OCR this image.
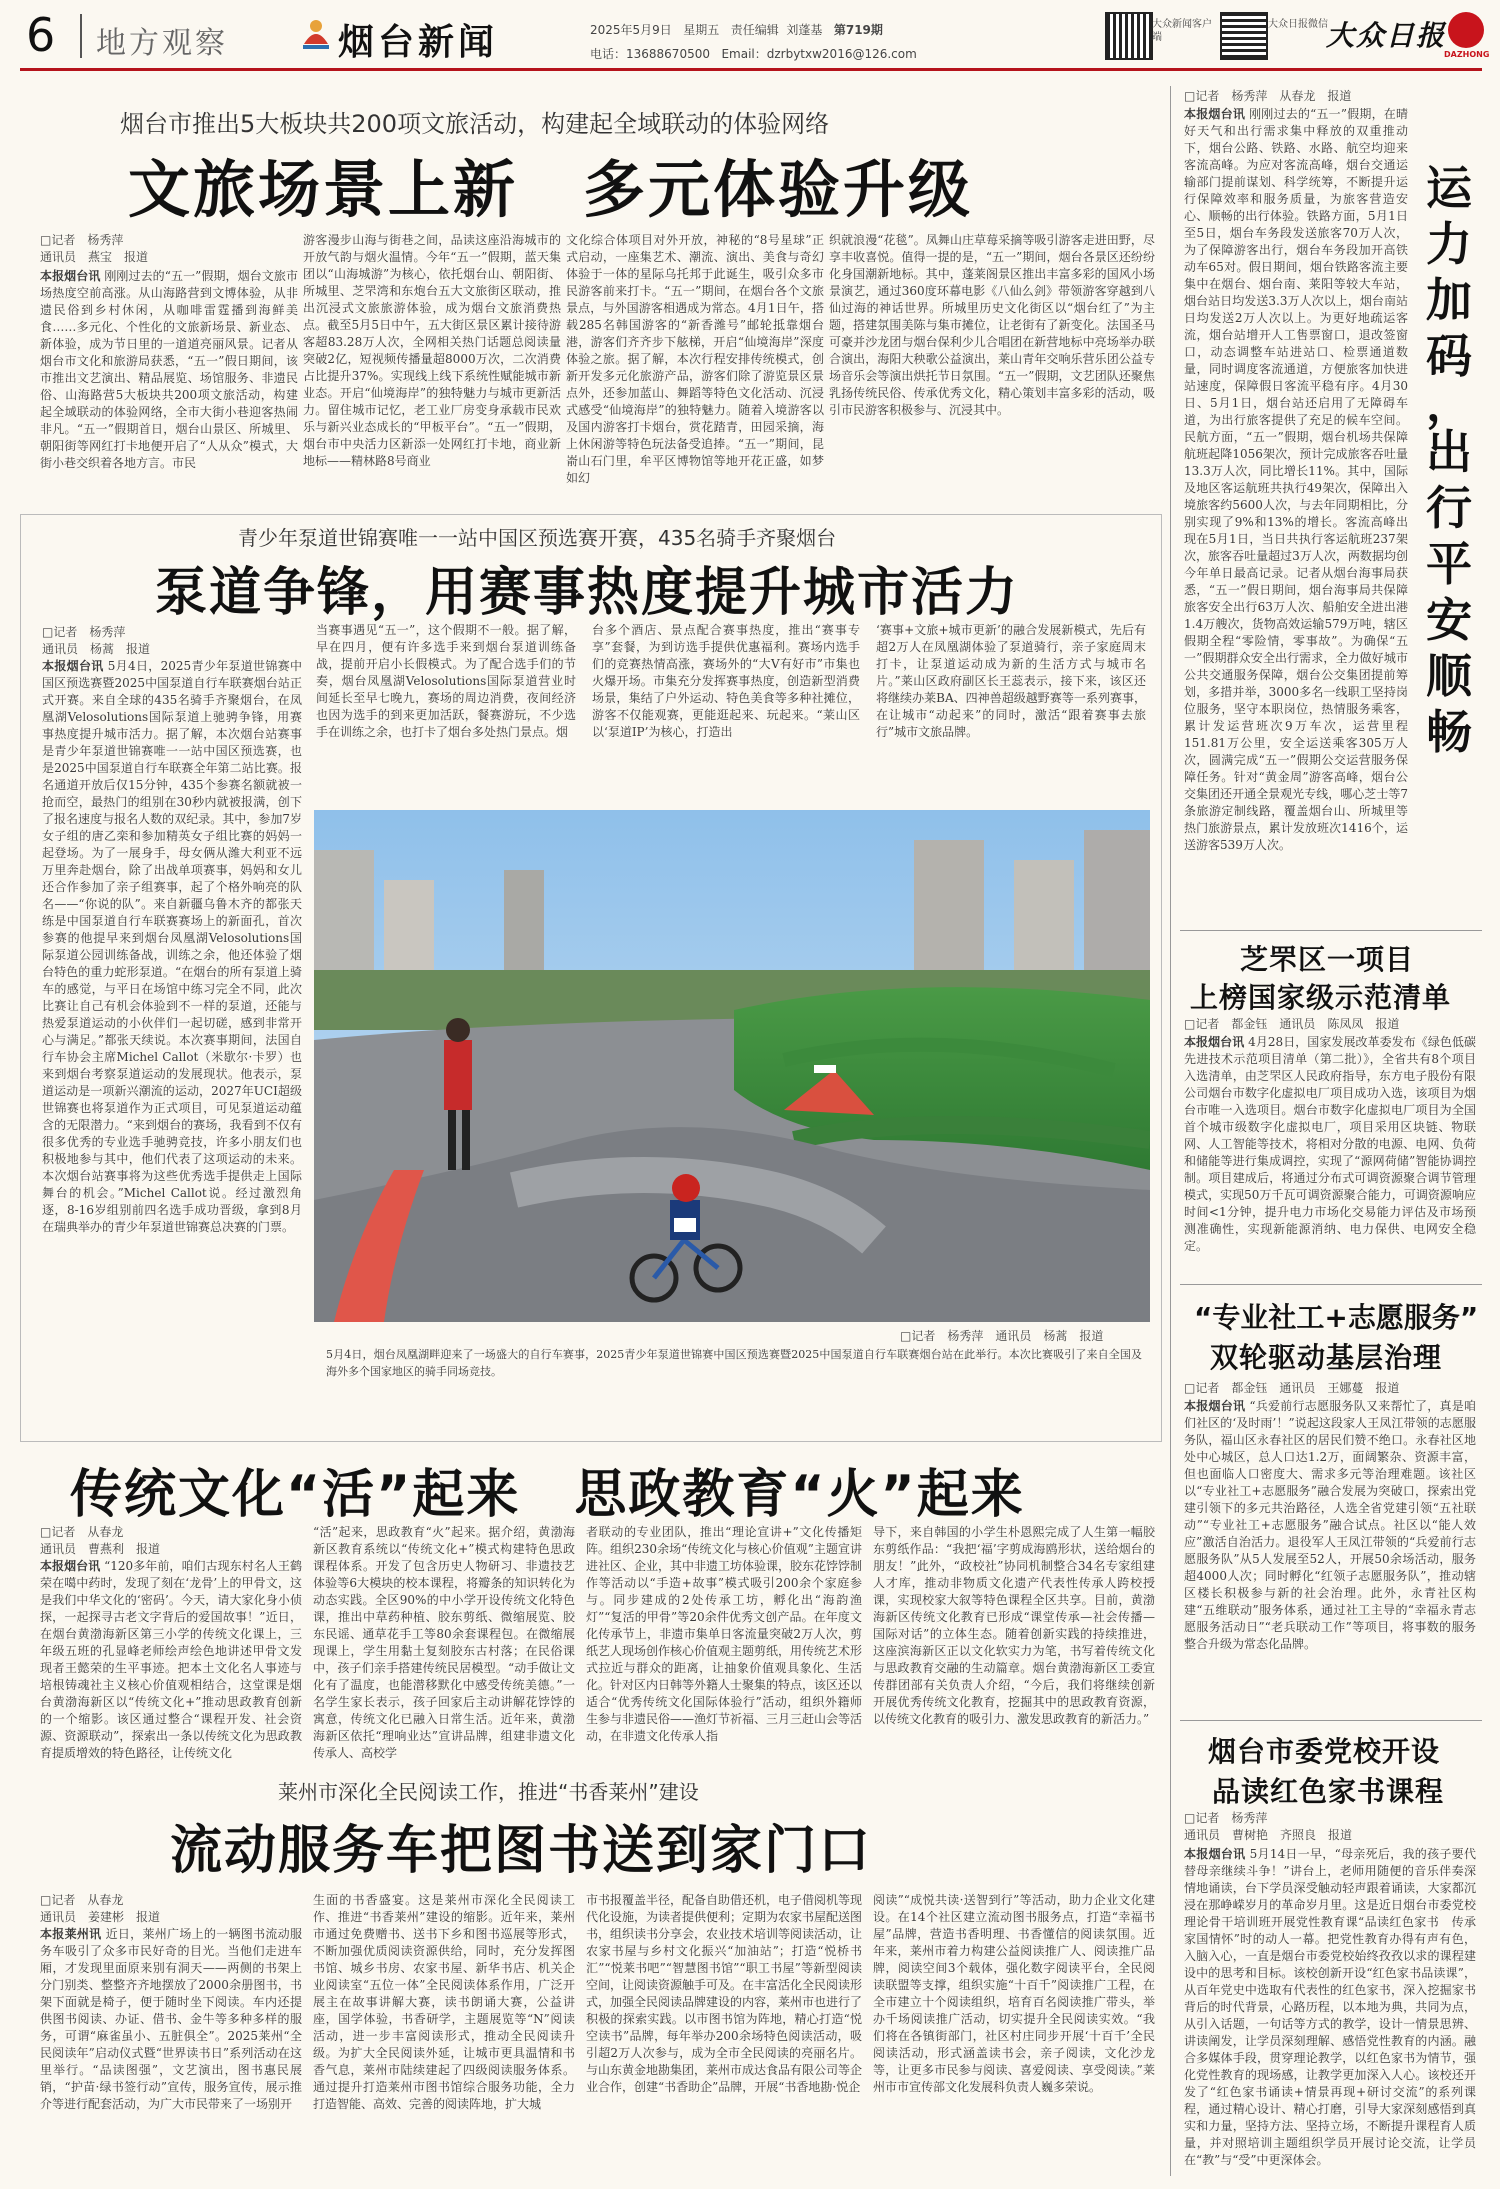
6 地方观察	烟台新闻	2025年5月9日 星期五 责任编辑 刘蓬基 第719期
电话：13688670500 Email：dzrbytxw2016@126.com
大众新闻客户端
大众日报微信
大众日报
DAZHONG
烟台市推出5大板块共200项文旅活动，构建起全域联动的体验网络
文旅场景上新　多元体验升级
□记者　杨秀萍
通讯员　燕宝　报道
本报烟台讯 刚刚过去的“五一”假期，烟台文旅市场热度空前高涨。从山海路营到文博体验，从非遗民俗到乡村休闲，从咖啡雷霆播到海鲜美食……多元化、个性化的文旅新场景、新业态、新体验，成为节日里的一道道亮丽风景。记者从烟台市文化和旅游局获悉，“五一”假日期间，该市推出文艺演出、精品展览、场馆服务、非遗民俗、山海路营5大板块共200项文旅活动，构建起全域联动的体验网络，全市大街小巷迎客热闹非凡。“五一”假期首日，烟台山景区、所城里、朝阳街等网红打卡地便开启了“人从众”模式，大街小巷交织着各地方言。市民
游客漫步山海与街巷之间，品读这座沿海城市的开放气韵与烟火温情。今年“五一”假期，蓝天集团以“山海城游”为核心，依托烟台山、朝阳街、所城里、芝罘湾和东炮台五大文旅街区联动，推出沉浸式文旅旅游体验，成为烟台文旅消费热点。截至5月5日中午，五大街区景区累计接待游客超83.28万人次，全网相关热门话题总阅读量突破2亿，短视频传播量超8000万次，二次消费占比提升37%。实现线上线下系统性赋能城市新业态。开启“仙境海岸”的独特魅力与城市更新活力。留住城市记忆，老工业厂房变身承载市民欢乐与新兴业态成长的“甲板平台”。“五一”假期，烟台市中央活力区新添一处网红打卡地，商业新地标——精林路8号商业
文化综合体项目对外开放，神秘的“8号星球”正式启动，一座集艺术、潮流、演出、美食与奇幻体验于一体的星际乌托邦于此诞生，吸引众多市民游客前来打卡。“五一”期间，在烟台各个文旅景点，与外国游客相遇成为常态。4月1日午，搭载285名韩国游客的“新香潍号”邮轮抵靠烟台港，游客们齐齐步下舷梯，开启“仙境海岸”深度体验之旅。据了解，本次行程安排传统模式，创新开发多元化旅游产品，游客们除了游览景区景点外，还参加蓝山、舞蹈等特色文化活动、沉浸式感受“仙境海岸”的独特魅力。随着入境游客以及国内游客打卡烟台，赏花踏青，田园采摘，海上休闲游等特色玩法备受追捧。“五一”期间，昆嵛山石门里，牟平区博物馆等地开花正盛，如梦如幻
织就浪漫“花毯”。凤舞山庄草莓采摘等吸引游客走进田野，尽享丰收喜悦。值得一提的是，“五一”期间，烟台各景区还纷纷化身国潮新地标。其中，蓬莱阁景区推出丰富多彩的国风小场景演艺，通过360度环幕电影《八仙么剑》带领游客穿越到八仙过海的神话世界。所城里历史文化街区以“烟台红了”为主题，搭建氛围美陈与集市摊位，让老街有了新变化。法国圣马可豪并沙龙团与烟台保利少儿合唱团在新营地标中亮场举办联合演出，海阳大秧歌公益演出，莱山青年交响乐营乐团公益专场音乐会等演出烘托节日氛围。“五一”假期，文艺团队还聚焦乳扬传统民俗、传承优秀文化，精心策划丰富多彩的活动，吸引市民游客积极参与、沉浸其中。
青少年泵道世锦赛唯一一站中国区预选赛开赛，435名骑手齐聚烟台
泵道争锋，用赛事热度提升城市活力
□记者　杨秀萍
通讯员　杨蒿　报道
本报烟台讯 5月4日，2025青少年泵道世锦赛中国区预选赛暨2025中国泵道自行车联赛烟台站正式开赛。来自全球的435名骑手齐聚烟台，在凤凰湖Velosolutions国际泵道上驰骋争锋，用赛事热度提升城市活力。据了解，本次烟台站赛事是青少年泵道世锦赛唯一一站中国区预选赛，也是2025中国泵道自行车联赛全年第二站比赛。报名通道开放后仅15分钟，435个参赛名额就被一抢而空，最热门的组别在30秒内就被报满，创下了报名速度与报名人数的双纪录。其中，参加7岁女子组的唐乙栾和参加精英女子组比赛的妈妈一起登场。为了一展身手，母女俩从潍大利亚不远万里奔赴烟台，除了出战单项赛事，妈妈和女儿还合作参加了亲子组赛事，起了个格外响亮的队名——“你说的队”。来自新疆乌鲁木齐的都张天练是中国泵道自行车联赛赛场上的新面孔，首次参赛的他提早来到烟台凤凰湖Velosolutions国际泵道公园训练备战，训练之余，他还体验了烟台特色的重力蛇形泵道。“在烟台的所有泵道上骑车的感觉，与平日在场馆中练习完全不同，此次比赛让自己有机会体验到不一样的泵道，还能与热爱泵道运动的小伙伴们一起切磋，感到非常开心与满足。”都张天续说。本次赛事期间，法国自行车协会主席Michel Callot（米歇尔·卡罗）也来到烟台考察泵道运动的发展现状。他表示，泵道运动是一项新兴潮流的运动，2027年UCI超级世锦赛也将泵道作为正式项目，可见泵道运动蕴含的无限潜力。“来到烟台的赛场，我看到不仅有很多优秀的专业选手驰骋竞技，许多小朋友们也积极地参与其中，他们代表了这项运动的未来。本次烟台站赛事将为这些优秀选手提供走上国际舞台的机会。”Michel Callot说。经过激烈角逐，8-16岁组别前四名选手成功晋级，拿到8月在瑞典举办的青少年泵道世锦赛总决赛的门票。
当赛事遇见“五一”，这个假期不一般。据了解，早在四月，便有许多选手来到烟台泵道训练备战，提前开启小长假模式。为了配合选手们的节奏，烟台凤凰湖Velosolutions国际泵道营业时间延长至早七晚九，赛场的周边消费，夜间经济也因为选手的到来更加活跃，餐赛游玩，不少选手在训练之余，也打卡了烟台多处热门景点。烟
台多个酒店、景点配合赛事热度，推出“赛事专享”套餐，为到访选手提供优惠福利。赛场内选手们的竞赛热情高涨，赛场外的“大V有好市”市集也火爆开场。市集充分发挥赛事热度，创造新型消费场景，集结了户外运动、特色美食等多种社摊位，游客不仅能观赛，更能逛起来、玩起来。“莱山区以‘泵道IP’为核心，打造出
‘赛事+文旅+城市更新’的融合发展新模式，先后有超2万人在凤凰湖体验了泵道骑行，亲子家庭周末打卡，让泵道运动成为新的生活方式与城市名片。”莱山区政府副区长王蕊表示，接下来，该区还将继续办莱BA、四神兽超级越野赛等一系列赛事，在让城市“动起来”的同时，激活“跟着赛事去旅行”城市文旅品牌。
□记者　杨秀萍　通讯员　杨蒿　报道
5月4日，烟台凤凰湖畔迎来了一场盛大的自行车赛事，2025青少年泵道世锦赛中国区预选赛暨2025中国泵道自行车联赛烟台站在此举行。本次比赛吸引了来自全国及海外多个国家地区的骑手同场竞技。
传统文化“活”起来　思政教育“火”起来
□记者　从春龙
通讯员　曹燕利　报道
本报烟台讯 “120多年前，咱们古现东村名人王鹤荣在噶中药时，发现了刻在‘龙骨’上的甲骨文，这是我们中华文化的‘密码’。今天，请大家化身小侦探，一起探寻古老文字背后的爱国故事！”近日，在烟台黄渤海新区第三小学的传统文化课上，三年级五班的孔显峰老师绘声绘色地讲述甲骨文发现者王懿荣的生平事迹。把本土文化名人事迹与培根铸魂社主义核心价值观相结合，这堂课是烟台黄渤海新区以“传统文化+”推动思政教育创新的一个缩影。该区通过整合“课程开发、社会资源、资源联动”，探索出一条以传统文化为思政教育提质增效的特色路径，让传统文化
“活”起来，思政教育“火”起来。据介绍，黄渤海新区教育系统以“传统文化+”模式构建特色思政课程体系。开发了包含历史人物研习、非遗技艺体验等6大模块的校本课程，将瓣条的知识转化为动态实践。全区90%的中小学开设传统文化特色课，推出中草药种植、胶东剪纸、微缩展览、胶东民谣、通草花手工等80余套课程包。在微缩展现课上，学生用黏土复刻胶东古村落；在民俗课中，孩子们亲手搭建传统民居模型。“动手做让文化有了温度，也能潜移默化中感受传统美德。”一名学生家长表示，孩子回家后主动讲解花饽饽的寓意，传统文化已融入日常生活。近年来，黄渤海新区依托“理响业达”宣讲品牌，组建非遗文化传承人、高校学
者联动的专业团队，推出“理论宣讲+”文化传播矩阵。组织230余场“传统文化与核心价值观”主题宣讲进社区、企业，其中非遗工坊体验课，胶东花饽饽制作等活动以“手造+故事”模式吸引200余个家庭参与。同步建成的2处传承工坊，孵化出“海韵渔灯”“复活的甲骨”等20余件优秀文创产品。在年度文化传承节上，非遗市集单日客流量突破2万人次，剪纸艺人现场创作核心价值观主题剪纸，用传统艺术形式拉近与群众的距离，让抽象价值观具象化、生活化。针对区内日韩等外籍人士聚集的特点，该区还以适合“优秀传统文化国际体验行”活动，组织外籍师生参与非遗民俗——渔灯节祈福、三月三赶山会等活动，在非遗文化传承人指
导下，来自韩国的小学生朴恩熙完成了人生第一幅胶东剪纸作品：“我把‘福’字剪成海鸥形状，送给烟台的朋友！”此外，“政校社”协同机制整合34名专家组建人才库，推动非物质文化遗产代表性传承人跨校授课，实现校家大叙等特色课程全区共享。目前，黄渤海新区传统文化教育已形成“课堂传承—社会传播—国际对话”的立体生态。随着创新实践的持续推进，这座滨海新区正以文化软实力为笔，书写着传统文化与思政教育交融的生动篇章。烟台黄渤海新区工委宣传群团部有关负责人介绍，“今后，我们将继续创新开展优秀传统文化教育，挖掘其中的思政教育资源，以传统文化教育的吸引力、激发思政教育的新活力。”
莱州市深化全民阅读工作，推进“书香莱州”建设
流动服务车把图书送到家门口
□记者　从春龙
通讯员　姜建彬　报道
本报莱州讯 近日，莱州广场上的一辆图书流动服务车吸引了众多市民好奇的目光。当他们走进车厢，才发现里面原来别有洞天——两侧的书架上分门别类、整整齐齐地摆放了2000余册图书，书架下面就是椅子，便于随时坐下阅读。车内还提供图书阅读、办证、借书、金牛等多种多样的服务，可谓“麻雀虽小、五脏俱全”。2025莱州“全民阅读年”启动仪式暨“世界读书日”系列活动在这里举行。“品读图强”，文艺演出，图书惠民展销，“护苗·绿书签行动”宣传，服务宣传，展示推介等进行配套活动，为广大市民带来了一场别开
生面的书香盛宴。这是莱州市深化全民阅读工作、推进“书香莱州”建设的缩影。近年来，莱州市通过免费赠书、送书下乡和图书巡展等形式，不断加强优质阅读资源供给，同时，充分发挥图书馆、城乡书房、农家书屋、新华书店、机关企业阅读室“五位一体”全民阅读体系作用，广泛开展主在故事讲解大赛，读书朗诵大赛，公益讲座，国学体验，书香研学，主题展览等“N”阅读活动，进一步丰富阅读形式，推动全民阅读升级。为扩大全民阅读外延，让城市更具温情和书香气息，莱州市陆续建起了四级阅读服务体系。通过提升打造莱州市图书馆综合服务功能，全力打造智能、高效、完善的阅读阵地，扩大城
市书报覆盖半径，配备自助借还机，电子借阅机等现代化设施，为读者提供便利；定期为农家书屋配送图书，组织读书分享会，农业技术培训等阅读活动，让农家书屋与乡村文化振兴“加油站”；打造“悦桥书汇”“悦莱书吧”“智慧图书馆”“职工书屋”等新型阅读空间，让阅读资源触手可及。在丰富活化全民阅读形式，加强全民阅读品牌建设的内容，莱州市也进行了积极的探索实践。以市图书馆为阵地，精心打造“悦空读书”品牌，每年举办200余场特色阅读活动，吸引超2万人次参与，成为全市全民阅读的亮丽名片。与山东黄金地勘集团，莱州市成达食品有限公司等企业合作，创建“书香助企”品牌，开展“书香地勘·悦企
阅读”“成悦共读·送智到行”等活动，助力企业文化建设。在14个社区建立流动图书服务点，打造“幸福书屋”品牌，营造书香明理、书香懂信的阅读氛围。近年来，莱州市着力构建公益阅读推广人、阅读推广品牌，阅读空间3个载体，强化数字阅读平台，全民阅读联盟等支撑，组织实施“十百千”阅读推广工程，在全市建立十个阅读组织，培育百名阅读推广带头，举办千场阅读推广活动，切实提升全民阅读实效。“我们将在各镇街部门，社区村庄同步开展‘十百千’全民阅读活动，形式涵盖读书会，亲子阅读，文化沙龙等，让更多市民参与阅读、喜爱阅读、享受阅读。”莱州市市宣传部文化发展科负责人巍多荣说。
□记者　杨秀萍　从春龙　报道
本报烟台讯 刚刚过去的“五一”假期，在晴好天气和出行需求集中释放的双重推动下，烟台公路、铁路、水路、航空均迎来客流高峰。为应对客流高峰，烟台交通运输部门提前谋划、科学统筹，不断提升运行保障效率和服务质量，为旅客营造安心、顺畅的出行体验。铁路方面，5月1日至5日，烟台车务段发送旅客70万人次，为了保障游客出行，烟台车务段加开高铁动车65对。假日期间，烟台铁路客流主要集中在烟台、烟台南、莱阳等较大车站，烟台站日均发送3.3万人次以上，烟台南站日均发送2万人次以上。为更好地疏运客流，烟台站增开人工售票窗口，退改签窗口，动态调整车站进站口、检票通道数量，同时调度客流通道，方便旅客加快进站速度，保障假日客流平稳有序。4月30日、5月1日，烟台站还启用了无障碍车道，为出行旅客提供了充足的候车空间。民航方面，“五一”假期，烟台机场共保障航班起降1056架次，预计完成旅客吞吐量13.3万人次，同比增长11%。其中，国际及地区客运航班共执行49架次，保障出入境旅客约5600人次，与去年同期相比，分别实现了9%和13%的增长。客流高峰出现在5月1日，当日共执行客运航班237架次，旅客吞吐量超过3万人次，两数据均创今年单日最高记录。记者从烟台海事局获悉，“五一”假日期间，烟台海事局共保障旅客安全出行63万人次、船舶安全进出港1.4万艘次，货物高效运输579万吨，辖区假期全程“零险情，零事故”。为确保“五一”假期群众安全出行需求，全力做好城市公共交通服务保障，烟台公交集团提前筹划，多措并举，3000多名一线职工坚持岗位服务，坚守本职岗位，热情服务乘客，累计发运营班次9万车次，运营里程151.81万公里，安全运送乘客305万人次，圆满完成“五一”假期公交运营服务保障任务。针对“黄金周”游客高峰，烟台公交集团还开通全景观光专线，哪心芝士等7条旅游定制线路，覆盖烟台山、所城里等热门旅游景点，累计发放班次1416个，运送游客539万人次。
运
力
加
码
，
出
行
平
安
顺
畅
芝罘区一项目
上榜国家级示范清单
□记者　都金钰　通讯员　陈凤凤　报道
本报烟台讯 4月28日，国家发展改革委发布《绿色低碳先进技术示范项目清单（第二批）》，全省共有8个项目入选清单，由芝罘区人民政府指导，东方电子股份有限公司烟台市数字化虚拟电厂项目成功入选，该项目为烟台市唯一入选项目。烟台市数字化虚拟电厂项目为全国首个城市级数字化虚拟电厂，项目采用区块链、物联网、人工智能等技术，将相对分散的电源、电网、负荷和储能等进行集成调控，实现了“源网荷储”智能协调控制。项目建成后，将通过分布式可调资源聚合调节管理模式，实现50万千瓦可调资源聚合能力，可调资源响应时间<1分钟，提升电力市场化交易能力评估及市场预测准确性，实现新能源消纳、电力保供、电网安全稳定。
“专业社工+志愿服务”
双轮驱动基层治理
□记者　都金钰　通讯员　王娜蔓　报道
本报烟台讯 “兵爱前行志愿服务队又来帮忙了，真是咱们社区的‘及时雨’！”说起这段家人王凤江带领的志愿服务队，福山区永春社区的居民们赞不绝口。永春社区地处中心城区，总人口达1.2万，面阔繁杂、资源丰富，但也面临人口密度大、需求多元等治理难题。该社区以“专业社工+志愿服务”融合发展为突破口，探索出党建引领下的多元共治路径，人选全省党建引领“五社联动”“专业社工+志愿服务”融合试点。社区以“能人效应”激活自治活力。退役军人王凤江带领的“兵爱前行志愿服务队”从5人发展至52人，开展50余场活动，服务超4000人次；同时孵化“红领子志愿服务队”，推动辖区楼长积极参与新的社会治理。此外，永青社区构建“五维联动”服务体系，通过社工主导的“幸福永青志愿服务活动日”“老兵联动工作”等项目，将事数的服务整合升级为常态化品牌。
烟台市委党校开设
品读红色家书课程
□记者　杨秀萍
通讯员　曹树艳　齐照良　报道
本报烟台讯 5月14日一早，“母亲死后，我的孩子要代替母亲继续斗争！”讲台上，老师用随便的音乐伴奏深情地诵读，台下学员深受触动轻声跟着诵读，大家都沉浸在那峥嵘岁月的革命岁月里。这是近日烟台市委党校理论骨干培训班开展党性教育课“品读红色家书　传承家国情怀”时的动人一幕。把党性教育办得有声有色，入脑入心，一直是烟台市委党校始终孜孜以求的课程建设中的思考和目标。该校创新开设“红色家书品读课”，从百年党史中选取有代表性的红色家书，深入挖掘家书背后的时代背景，心路历程，以本地为典，共同为点，从引入话题，一句话等方式的教学，设计一情景思辨、讲读阐发，让学员深刻理解、感悟党性教育的内涵。融合多媒体手段，贯穿理论教学，以红色家书为情节，强化党性教育的现场感，让教学更加深入人心。该校还开发了“红色家书诵读+情景再现+研讨交流”的系列课程，通过精心设计、精心打磨，引导大家深刻感悟到真实和力量，坚持方法、坚持立场，不断提升课程育人质量，并对照培训主题组织学员开展讨论交流，让学员在“教”与“受”中更深体会。
